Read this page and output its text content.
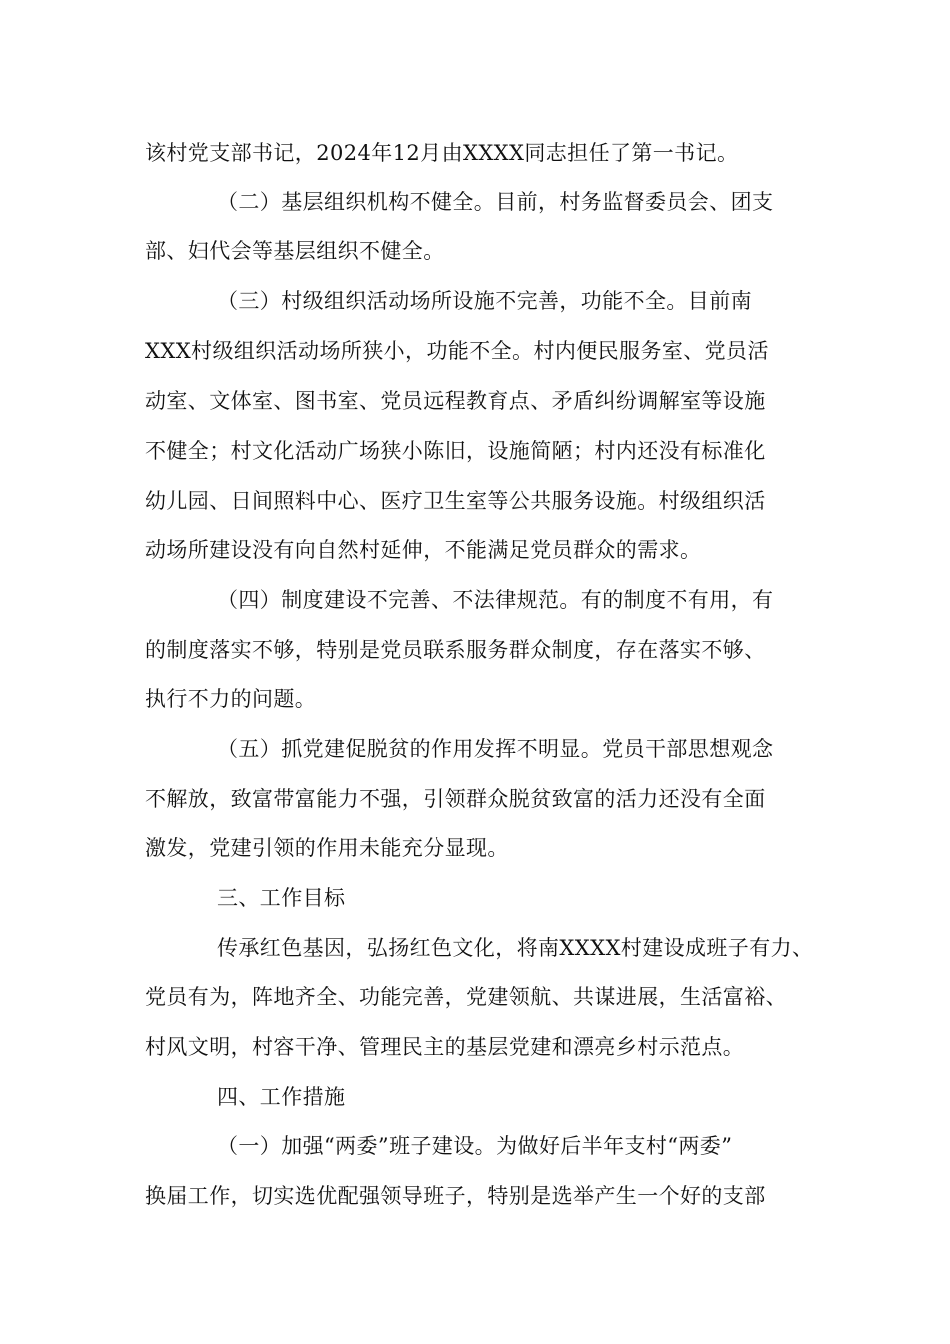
该村党支部书记，2024年12月由XXXX同志担任了第一书记。
（二）基层组织机构不健全。目前，村务监督委员会、团支
部、妇代会等基层组织不健全。
（三）村级组织活动场所设施不完善，功能不全。目前南
XXX村级组织活动场所狭小，功能不全。村内便民服务室、党员活
动室、文体室、图书室、党员远程教育点、矛盾纠纷调解室等设施
不健全；村文化活动广场狭小陈旧，设施简陋；村内还没有标准化
幼儿园、日间照料中心、医疗卫生室等公共服务设施。村级组织活
动场所建设没有向自然村延伸，不能满足党员群众的需求。
（四）制度建设不完善、不法律规范。有的制度不有用，有
的制度落实不够，特别是党员联系服务群众制度，存在落实不够、
执行不力的问题。
（五）抓党建促脱贫的作用发挥不明显。党员干部思想观念
不解放，致富带富能力不强，引领群众脱贫致富的活力还没有全面
激发，党建引领的作用未能充分显现。
三、工作目标
传承红色基因，弘扬红色文化，将南XXXX村建设成班子有力、
党员有为，阵地齐全、功能完善，党建领航、共谋进展，生活富裕、
村风文明，村容干净、管理民主的基层党建和漂亮乡村示范点。
四、工作措施
（一）加强“两委”班子建设。为做好后半年支村“两委”
换届工作，切实选优配强领导班子，特别是选举产生一个好的支部
